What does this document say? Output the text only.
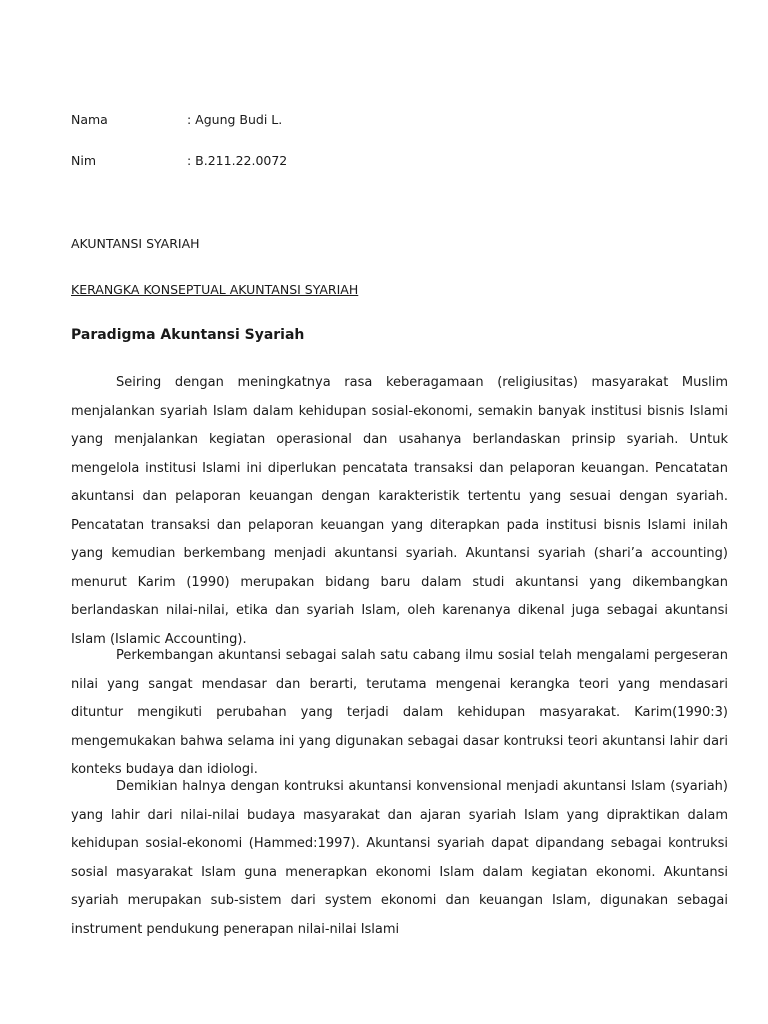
Nama	: Agung Budi L.
Nim	: B.211.22.0072
AKUNTANSI SYARIAH
KERANGKA KONSEPTUAL AKUNTANSI SYARIAH
Paradigma Akuntansi Syariah

Seiring dengan meningkatnya rasa keberagamaan (religiusitas) masyarakat Muslim menjalankan syariah Islam dalam kehidupan sosial-ekonomi, semakin banyak institusi bisnis Islami yang menjalankan kegiatan operasional dan usahanya berlandaskan prinsip syariah. Untuk mengelola institusi Islami ini diperlukan pencatata transaksi dan pelaporan keuangan. Pencatatan akuntansi dan pelaporan keuangan dengan karakteristik tertentu yang sesuai dengan syariah. Pencatatan transaksi dan pelaporan keuangan yang diterapkan pada institusi bisnis Islami inilah yang kemudian berkembang menjadi akuntansi syariah. Akuntansi syariah (shari’a accounting) menurut Karim (1990) merupakan bidang baru dalam studi akuntansi yang dikembangkan berlandaskan nilai-nilai, etika dan syariah Islam, oleh karenanya dikenal juga sebagai akuntansi Islam (Islamic Accounting).

Perkembangan akuntansi sebagai salah satu cabang ilmu sosial telah mengalami pergeseran nilai yang sangat mendasar dan berarti, terutama mengenai kerangka teori yang mendasari dituntur mengikuti perubahan yang terjadi dalam kehidupan masyarakat. Karim(1990:3) mengemukakan bahwa selama ini yang digunakan sebagai dasar kontruksi teori akuntansi lahir dari konteks budaya dan idiologi.

Demikian halnya dengan kontruksi akuntansi konvensional menjadi akuntansi Islam (syariah) yang lahir dari nilai-nilai budaya masyarakat dan ajaran syariah Islam yang dipraktikan dalam kehidupan sosial-ekonomi (Hammed:1997). Akuntansi syariah dapat dipandang sebagai kontruksi sosial masyarakat Islam guna menerapkan ekonomi Islam dalam kegiatan ekonomi. Akuntansi syariah merupakan sub-sistem dari system ekonomi dan keuangan Islam, digunakan sebagai instrument pendukung penerapan nilai-nilai Islami
